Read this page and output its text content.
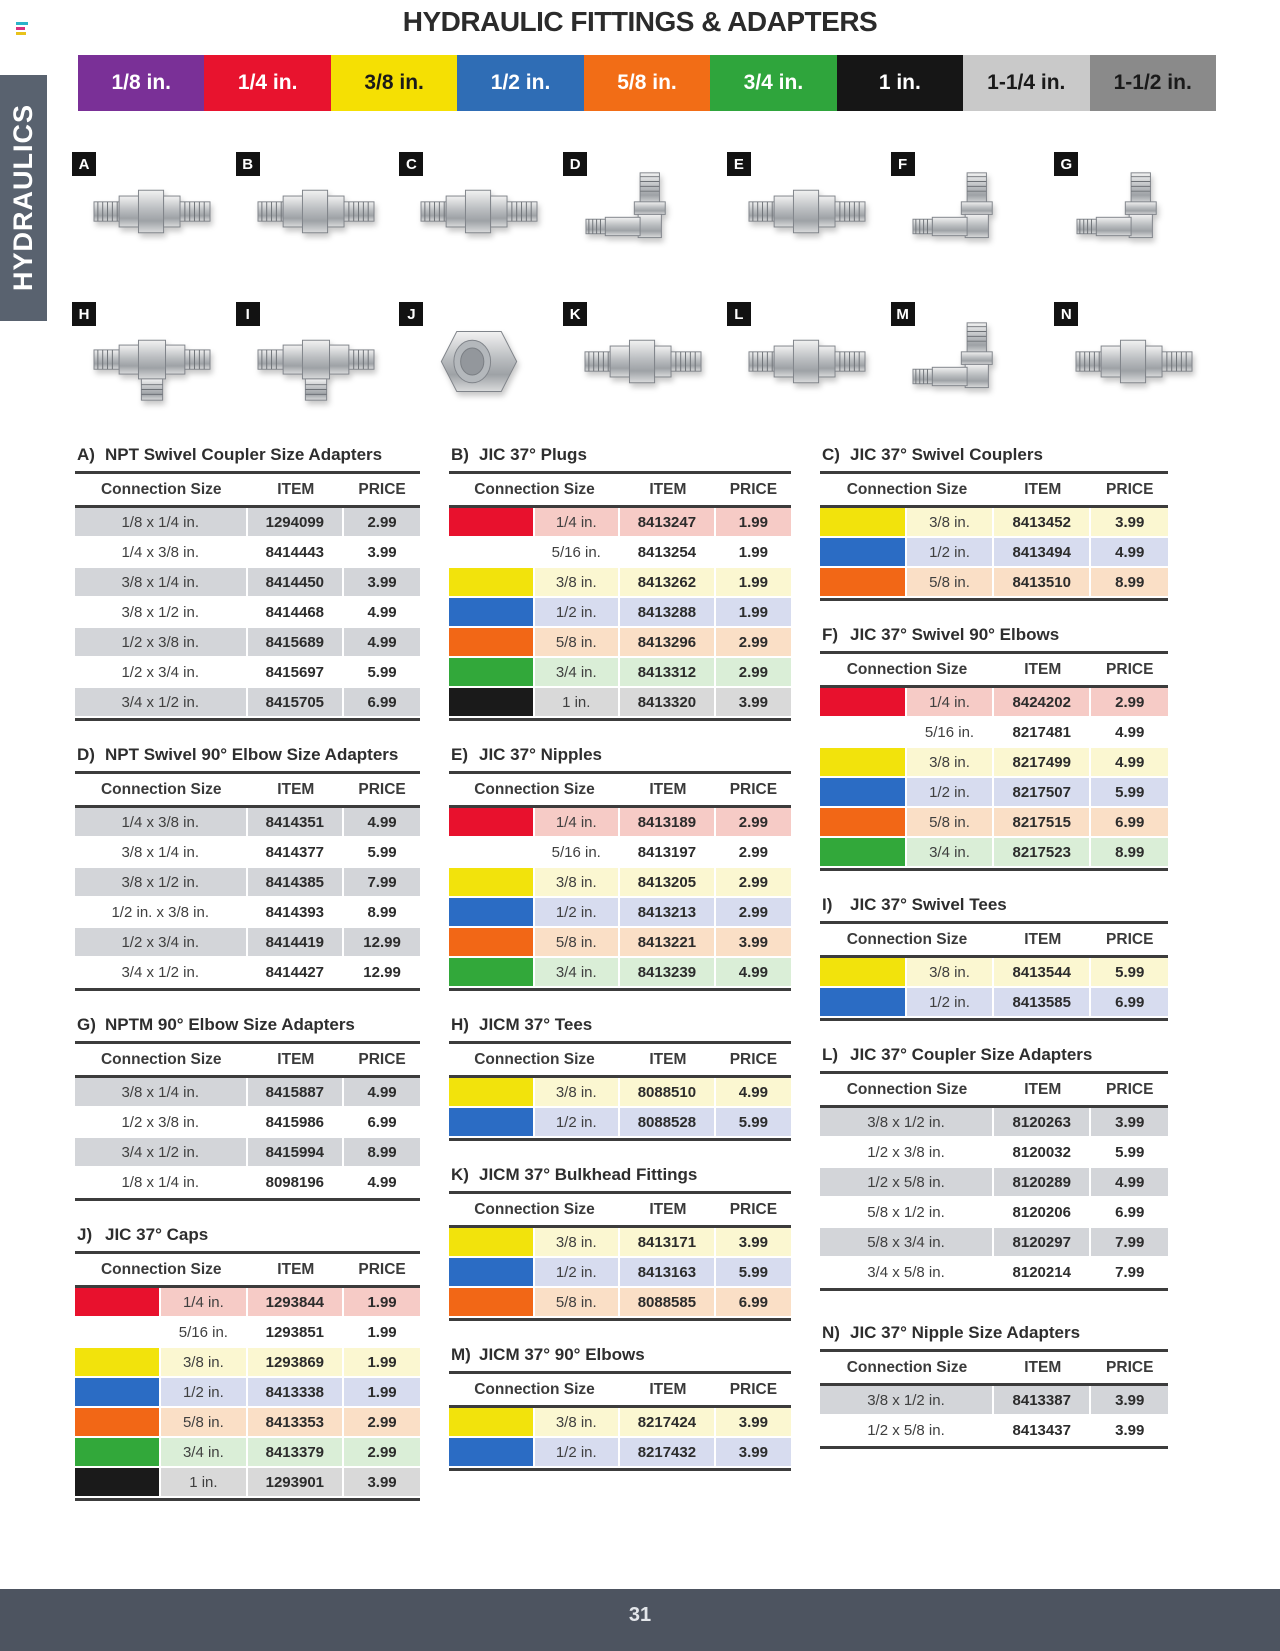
HYDRAULIC FITTINGS & ADAPTERS
HYDRAULICS
1/8 in.	1/4 in.	3/8 in.	1/2 in.	5/8 in.	3/4 in.	1 in.	1-1/4 in.	1-1/2 in.
A	B	C	D	E	F	G
H	I	J	K	L	M	N
A) NPT Swivel Coupler Size Adapters
Connection Size	ITEM	PRICE
1/8 x 1/4 in.	1294099	2.99
1/4 x 3/8 in.	8414443	3.99
3/8 x 1/4 in.	8414450	3.99
3/8 x 1/2 in.	8414468	4.99
1/2 x 3/8 in.	8415689	4.99
1/2 x 3/4 in.	8415697	5.99
3/4 x 1/2 in.	8415705	6.99
D) NPT Swivel 90° Elbow Size Adapters
Connection Size	ITEM	PRICE
1/4 x 3/8 in.	8414351	4.99
3/8 x 1/4 in.	8414377	5.99
3/8 x 1/2 in.	8414385	7.99
1/2 in. x 3/8 in.	8414393	8.99
1/2 x 3/4 in.	8414419	12.99
3/4 x 1/2 in.	8414427	12.99
G) NPTM 90° Elbow Size Adapters
Connection Size	ITEM	PRICE
3/8 x 1/4 in.	8415887	4.99
1/2 x 3/8 in.	8415986	6.99
3/4 x 1/2 in.	8415994	8.99
1/8 x 1/4 in.	8098196	4.99
J) JIC 37° Caps
Connection Size		ITEM	PRICE
	1/4 in.	1293844	1.99
	5/16 in.	1293851	1.99
	3/8 in.	1293869	1.99
	1/2 in.	8413338	1.99
	5/8 in.	8413353	2.99
	3/4 in.	8413379	2.99
	1 in.	1293901	3.99
B) JIC 37° Plugs
Connection Size		ITEM	PRICE
	1/4 in.	8413247	1.99
	5/16 in.	8413254	1.99
	3/8 in.	8413262	1.99
	1/2 in.	8413288	1.99
	5/8 in.	8413296	2.99
	3/4 in.	8413312	2.99
	1 in.	8413320	3.99
E) JIC 37° Nipples
Connection Size		ITEM	PRICE
	1/4 in.	8413189	2.99
	5/16 in.	8413197	2.99
	3/8 in.	8413205	2.99
	1/2 in.	8413213	2.99
	5/8 in.	8413221	3.99
	3/4 in.	8413239	4.99
H) JICM 37° Tees
Connection Size		ITEM	PRICE
	3/8 in.	8088510	4.99
	1/2 in.	8088528	5.99
K) JICM 37° Bulkhead Fittings
Connection Size		ITEM	PRICE
	3/8 in.	8413171	3.99
	1/2 in.	8413163	5.99
	5/8 in.	8088585	6.99
M) JICM 37° 90° Elbows
Connection Size		ITEM	PRICE
	3/8 in.	8217424	3.99
	1/2 in.	8217432	3.99
C) JIC 37° Swivel Couplers
Connection Size		ITEM	PRICE
	3/8 in.	8413452	3.99
	1/2 in.	8413494	4.99
	5/8 in.	8413510	8.99
F) JIC 37° Swivel 90° Elbows
Connection Size		ITEM	PRICE
	1/4 in.	8424202	2.99
	5/16 in.	8217481	4.99
	3/8 in.	8217499	4.99
	1/2 in.	8217507	5.99
	5/8 in.	8217515	6.99
	3/4 in.	8217523	8.99
I)	JIC 37° Swivel Tees
Connection Size		ITEM	PRICE
	3/8 in.	8413544	5.99
	1/2 in.	8413585	6.99
L) JIC 37° Coupler Size Adapters
Connection Size	ITEM	PRICE
3/8 x 1/2 in.	8120263	3.99
1/2 x 3/8 in.	8120032	5.99
1/2 x 5/8 in.	8120289	4.99
5/8 x 1/2 in.	8120206	6.99
5/8 x 3/4 in.	8120297	7.99
3/4 x 5/8 in.	8120214	7.99
N) JIC 37° Nipple Size Adapters
Connection Size	ITEM	PRICE
3/8 x 1/2 in.	8413387	3.99
1/2 x 5/8 in.	8413437	3.99
31
